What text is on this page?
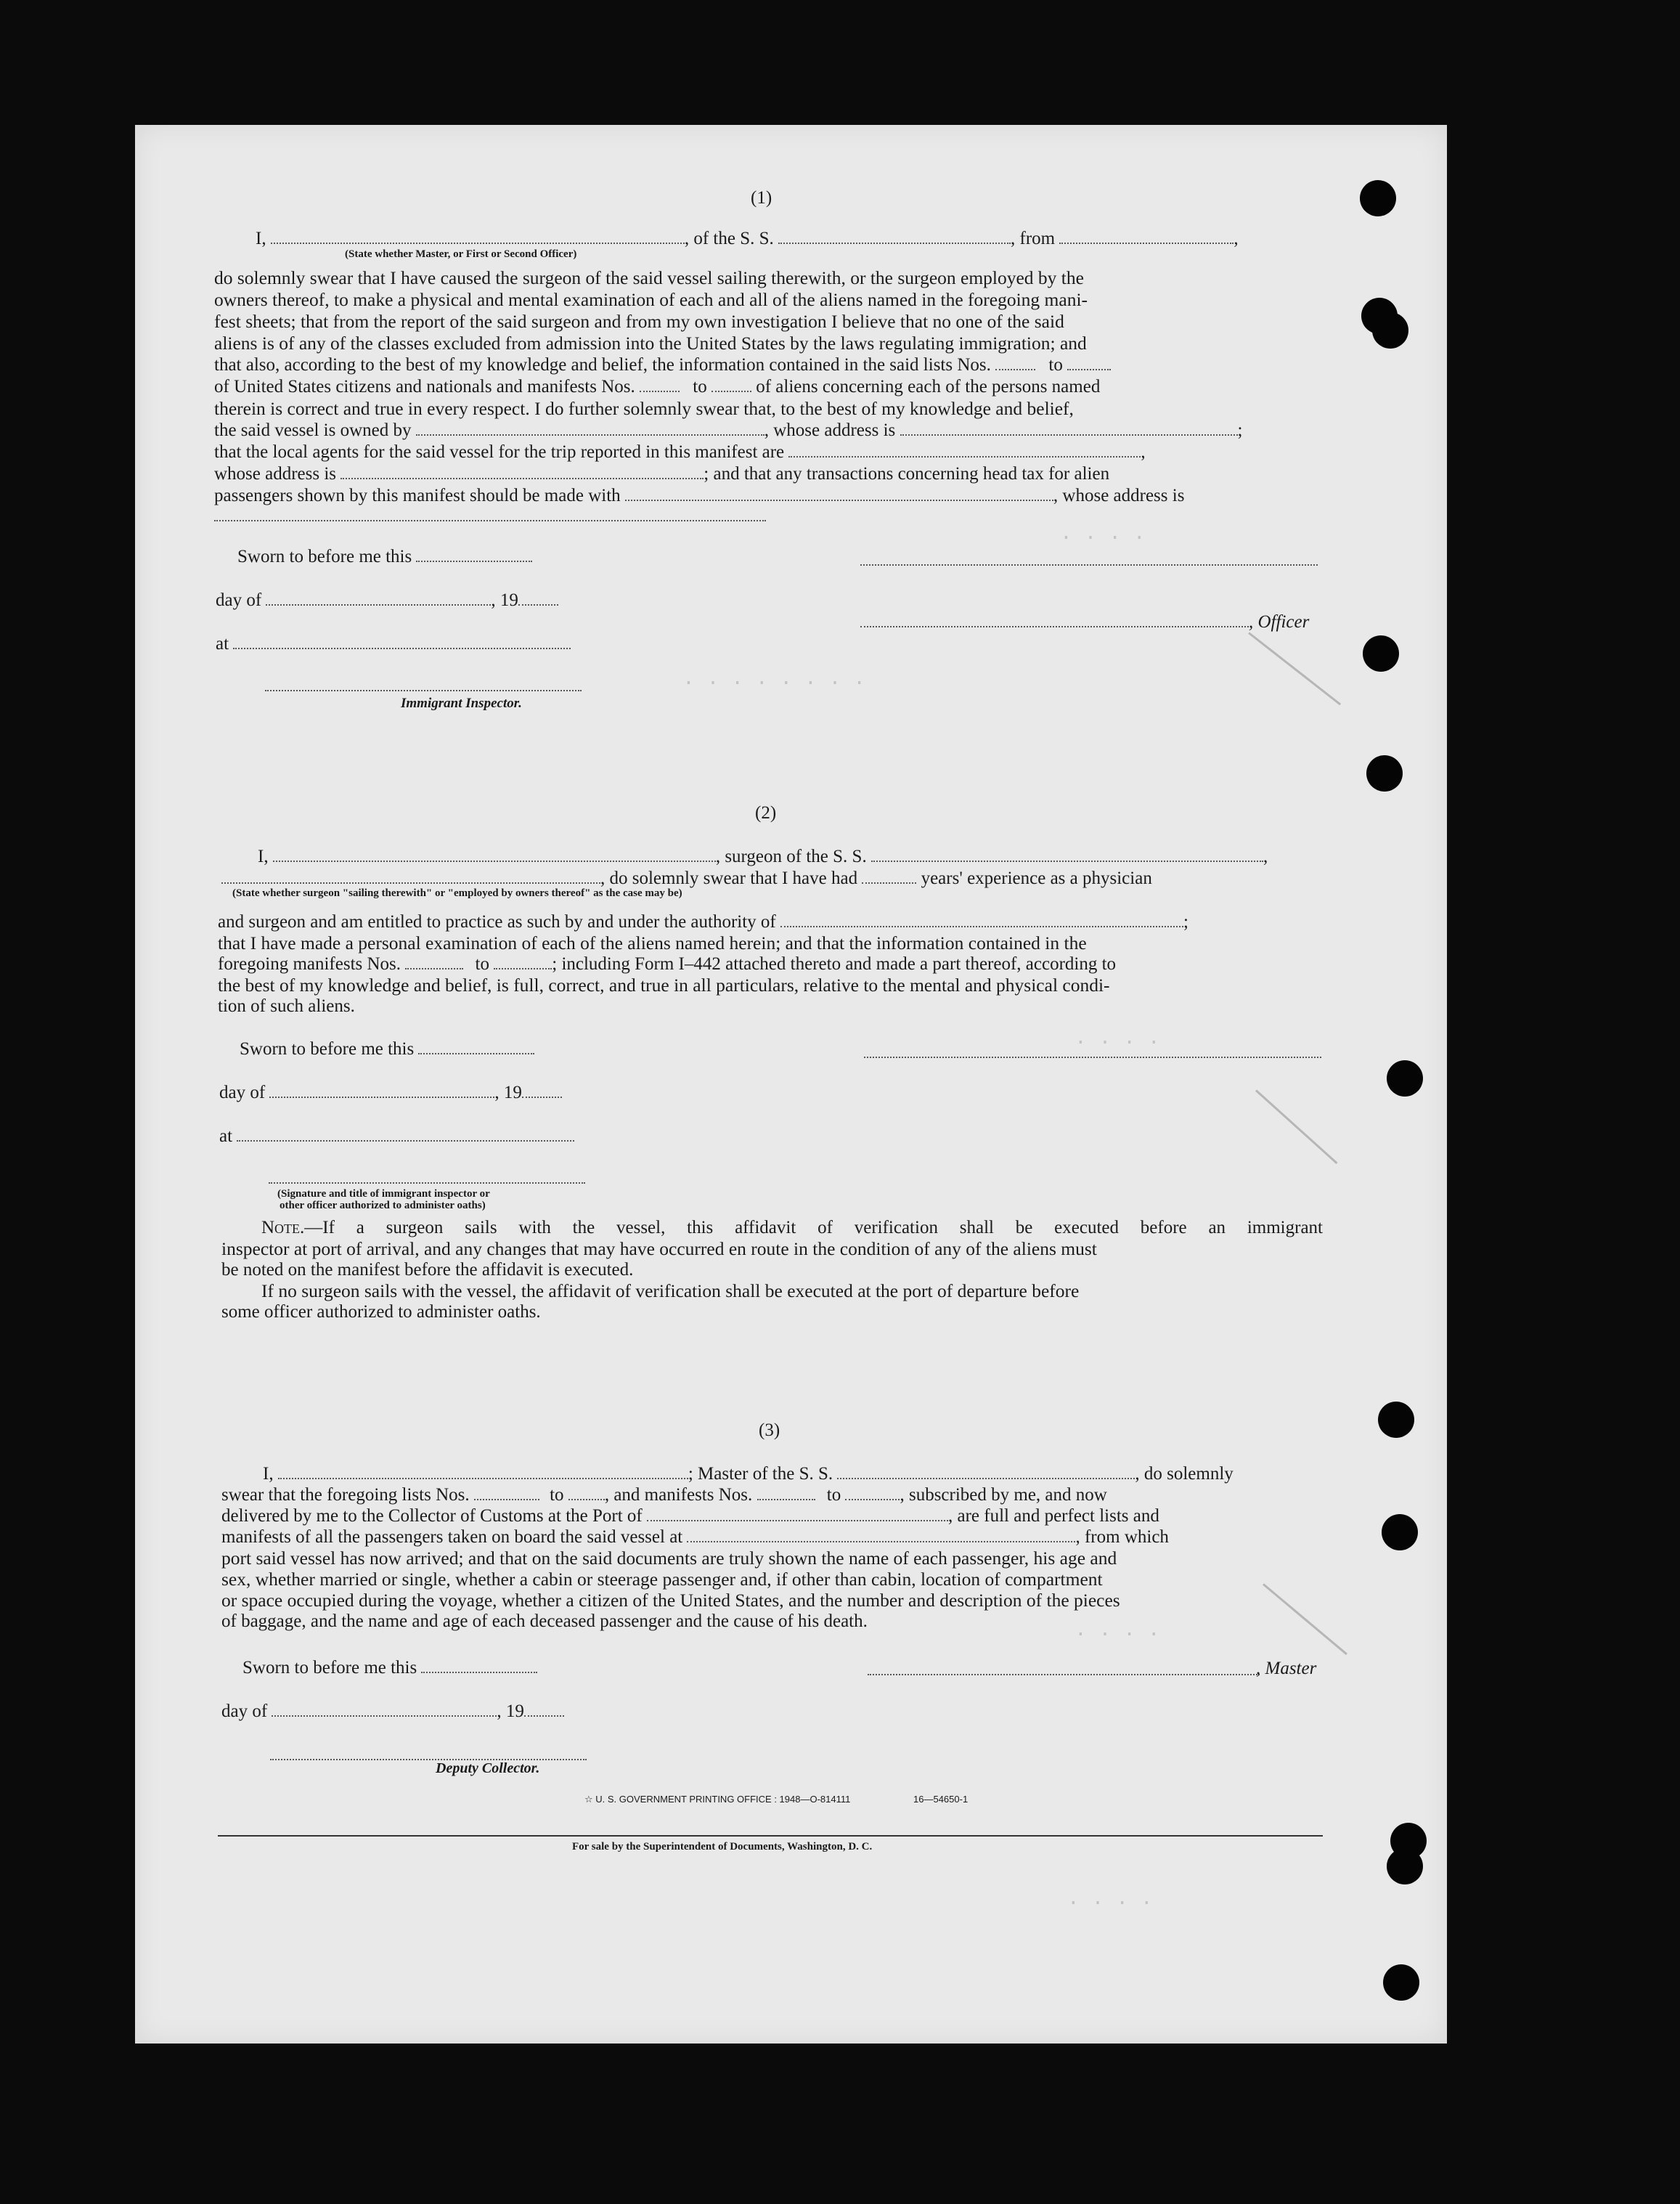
. . . .
. . . . . . . .
. . . .
. . . .
. . . .
(1)
I,	, of the S. S.	, from	,
(State whether Master, or First or Second Officer)
do solemnly swear that I have caused the surgeon of the said vessel sailing therewith, or the surgeon employed by the
owners thereof, to make a physical and mental examination of each and all of the aliens named in the foregoing mani-
fest sheets; that from the report of the said surgeon and from my own investigation I believe that no one of the said
aliens is of any of the classes excluded from admission into the United States by the laws regulating immigration; and
that also, according to the best of my knowledge and belief, the information contained in the said lists Nos.	to
of United States citizens and nationals and manifests Nos.	to	of aliens concerning each of the persons named
therein is correct and true in every respect. I do further solemnly swear that, to the best of my knowledge and belief,
the said vessel is owned by	, whose address is	;
that the local agents for the said vessel for the trip reported in this manifest are	,
whose address is	; and that any transactions concerning head tax for alien
passengers shown by this manifest should be made with	, whose address is
Sworn to before me this
day of	, 19
, Officer
at
Immigrant Inspector.
(2)
I,	, surgeon of the S. S.	,
, do solemnly swear that I have had	years' experience as a physician
(State whether surgeon "sailing therewith" or "employed by owners thereof" as the case may be)
and surgeon and am entitled to practice as such by and under the authority of	;
that I have made a personal examination of each of the aliens named herein; and that the information contained in the
foregoing manifests Nos.	to	; including Form I–442 attached thereto and made a part thereof, according to
the best of my knowledge and belief, is full, correct, and true in all particulars, relative to the mental and physical condi-
tion of such aliens.
Sworn to before me this
day of	, 19
at
(Signature and title of immigrant inspector or
other officer authorized to administer oaths)
Note.—If a surgeon sails with the vessel, this affidavit of verification shall be executed before an immigrant
inspector at port of arrival, and any changes that may have occurred en route in the condition of any of the aliens must
be noted on the manifest before the affidavit is executed.
If no surgeon sails with the vessel, the affidavit of verification shall be executed at the port of departure before
some officer authorized to administer oaths.
(3)
I,	; Master of the S. S.	, do solemnly
swear that the foregoing lists Nos.	to , and manifests Nos.	to	, subscribed by me, and now
delivered by me to the Collector of Customs at the Port of	, are full and perfect lists and
manifests of all the passengers taken on board the said vessel at	, from which
port said vessel has now arrived; and that on the said documents are truly shown the name of each passenger, his age and
sex, whether married or single, whether a cabin or steerage passenger and, if other than cabin, location of compartment
or space occupied during the voyage, whether a citizen of the United States, and the number and description of the pieces
of baggage, and the name and age of each deceased passenger and the cause of his death.
Sworn to before me this	, Master
day of	, 19
Deputy Collector.
☆ U. S. GOVERNMENT PRINTING OFFICE : 1948—O-814111	16—54650-1
For sale by the Superintendent of Documents, Washington, D. C.
